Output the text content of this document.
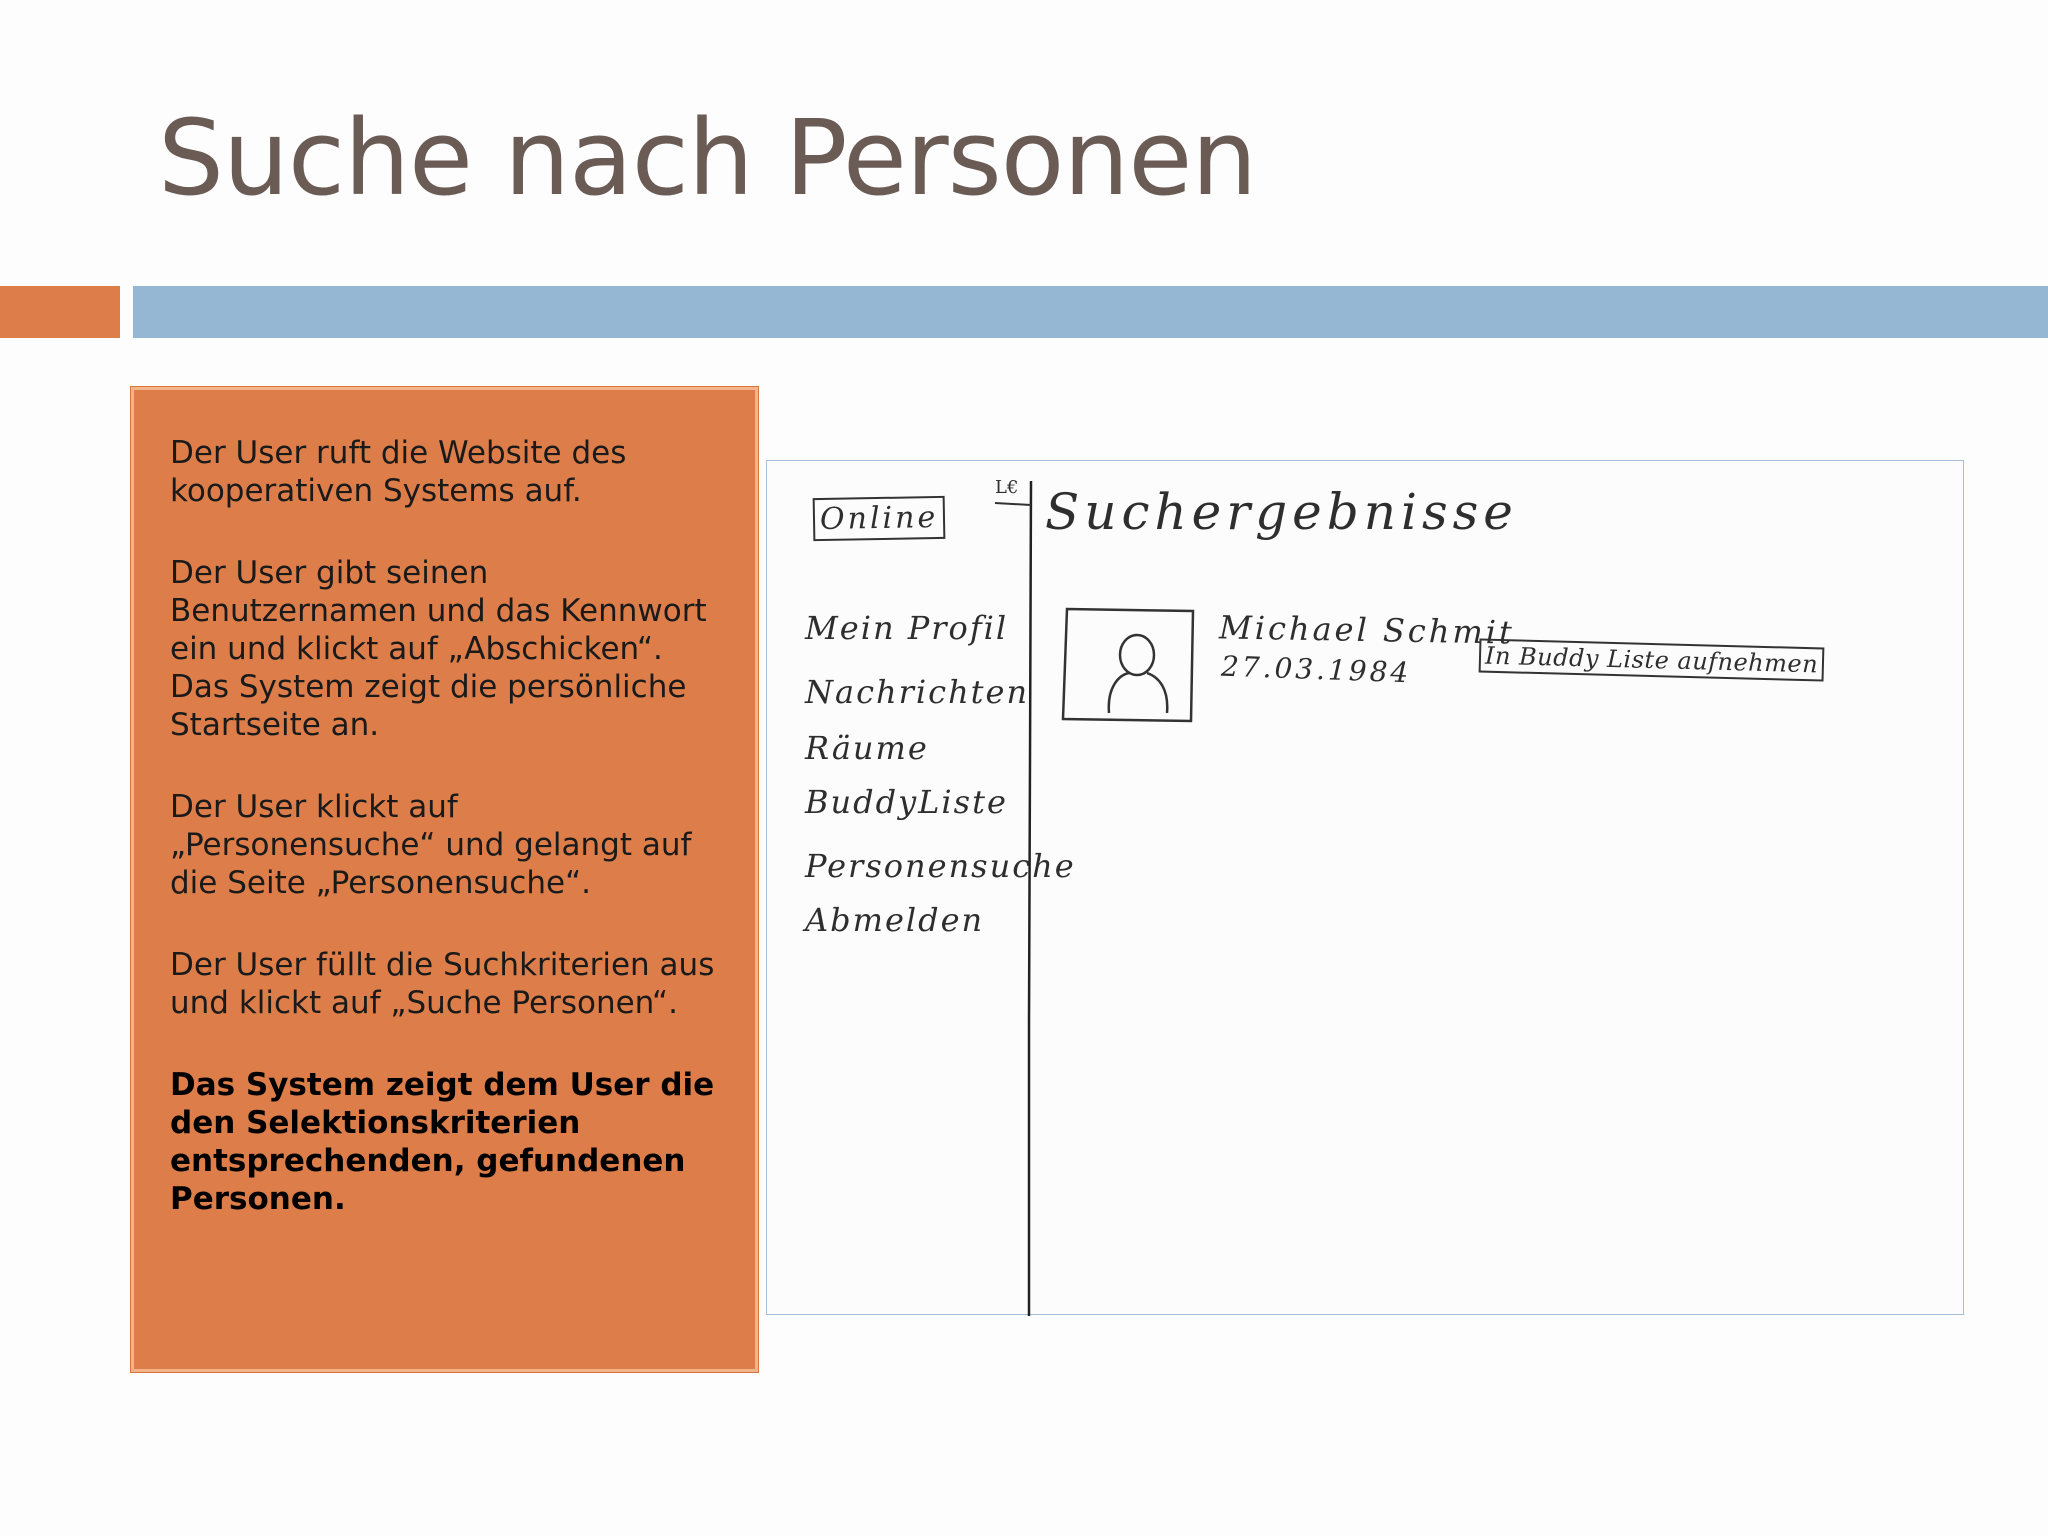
Suche nach Personen

Der User ruft die Website des kooperativen Systems auf.

Der User gibt seinen Benutzernamen und das Kennwort ein und klickt auf „Abschicken“. Das System zeigt die persönliche Startseite an.

Der User klickt auf „Personensuche“ und gelangt auf die Seite „Personensuche“.

Der User füllt die Suchkriterien aus und klickt auf „Suche Personen“.

Das System zeigt dem User die den Selektionskriterien entsprechenden, gefundenen Personen.

Online
L€
Mein Profil
Nachrichten
Räume
BuddyListe
Personensuche
Abmelden
Suchergebnisse
Michael Schmit
27.03.1984	In Buddy Liste aufnehmen
